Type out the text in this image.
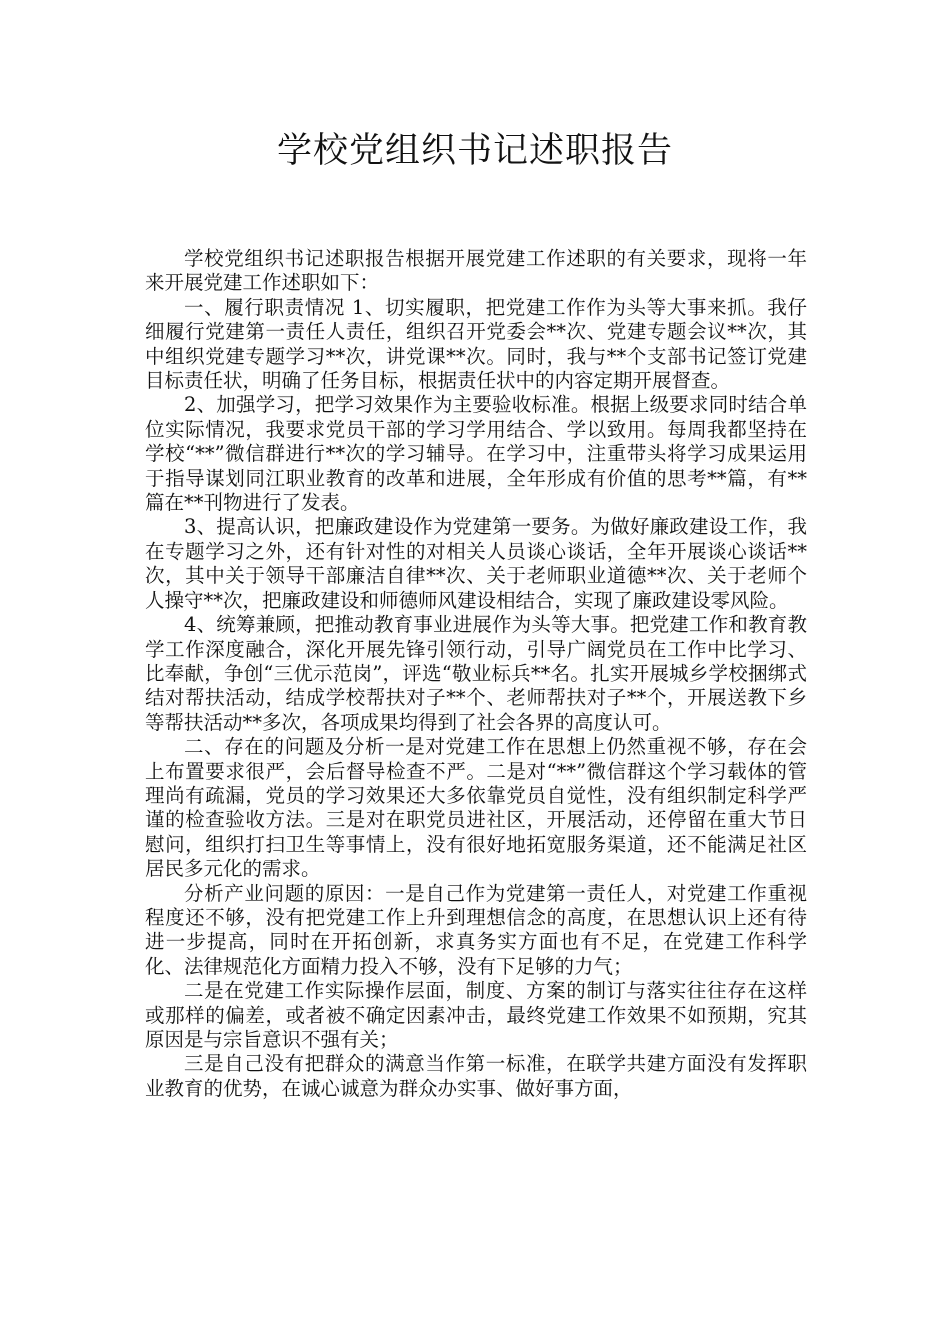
学校党组织书记述职报告

学校党组织书记述职报告根据开展党建工作述职的有关要求，现将一年来开展党建工作述职如下：

一、履行职责情况 1、切实履职，把党建工作作为头等大事来抓。我仔细履行党建第一责任人责任，组织召开党委会**次、党建专题会议**次，其中组织党建专题学习**次，讲党课**次。同时，我与**个支部书记签订党建目标责任状，明确了任务目标，根据责任状中的内容定期开展督查。

2、加强学习，把学习效果作为主要验收标准。根据上级要求同时结合单位实际情况，我要求党员干部的学习学用结合、学以致用。每周我都坚持在学校“**”微信群进行**次的学习辅导。在学习中，注重带头将学习成果运用于指导谋划同江职业教育的改革和进展，全年形成有价值的思考**篇，有**篇在**刊物进行了发表。

3、提高认识，把廉政建设作为党建第一要务。为做好廉政建设工作，我在专题学习之外，还有针对性的对相关人员谈心谈话，全年开展谈心谈话**次，其中关于领导干部廉洁自律**次、关于老师职业道德**次、关于老师个人操守**次，把廉政建设和师德师风建设相结合，实现了廉政建设零风险。

4、统筹兼顾，把推动教育事业进展作为头等大事。把党建工作和教育教学工作深度融合，深化开展先锋引领行动，引导广阔党员在工作中比学习、比奉献，争创“三优示范岗”，评选“敬业标兵**名。扎实开展城乡学校捆绑式结对帮扶活动，结成学校帮扶对子**个、老师帮扶对子**个，开展送教下乡等帮扶活动**多次，各项成果均得到了社会各界的高度认可。

二、存在的问题及分析一是对党建工作在思想上仍然重视不够，存在会上布置要求很严，会后督导检查不严。二是对“**”微信群这个学习载体的管理尚有疏漏，党员的学习效果还大多依靠党员自觉性，没有组织制定科学严谨的检查验收方法。三是对在职党员进社区，开展活动，还停留在重大节日慰问，组织打扫卫生等事情上，没有很好地拓宽服务渠道，还不能满足社区居民多元化的需求。

分析产业问题的原因：一是自己作为党建第一责任人，对党建工作重视程度还不够，没有把党建工作上升到理想信念的高度，在思想认识上还有待进一步提高，同时在开拓创新，求真务实方面也有不足，在党建工作科学化、法律规范化方面精力投入不够，没有下足够的力气；

二是在党建工作实际操作层面，制度、方案的制订与落实往往存在这样或那样的偏差，或者被不确定因素冲击，最终党建工作效果不如预期，究其原因是与宗旨意识不强有关；

三是自己没有把群众的满意当作第一标准，在联学共建方面没有发挥职业教育的优势，在诚心诚意为群众办实事、做好事方面，
